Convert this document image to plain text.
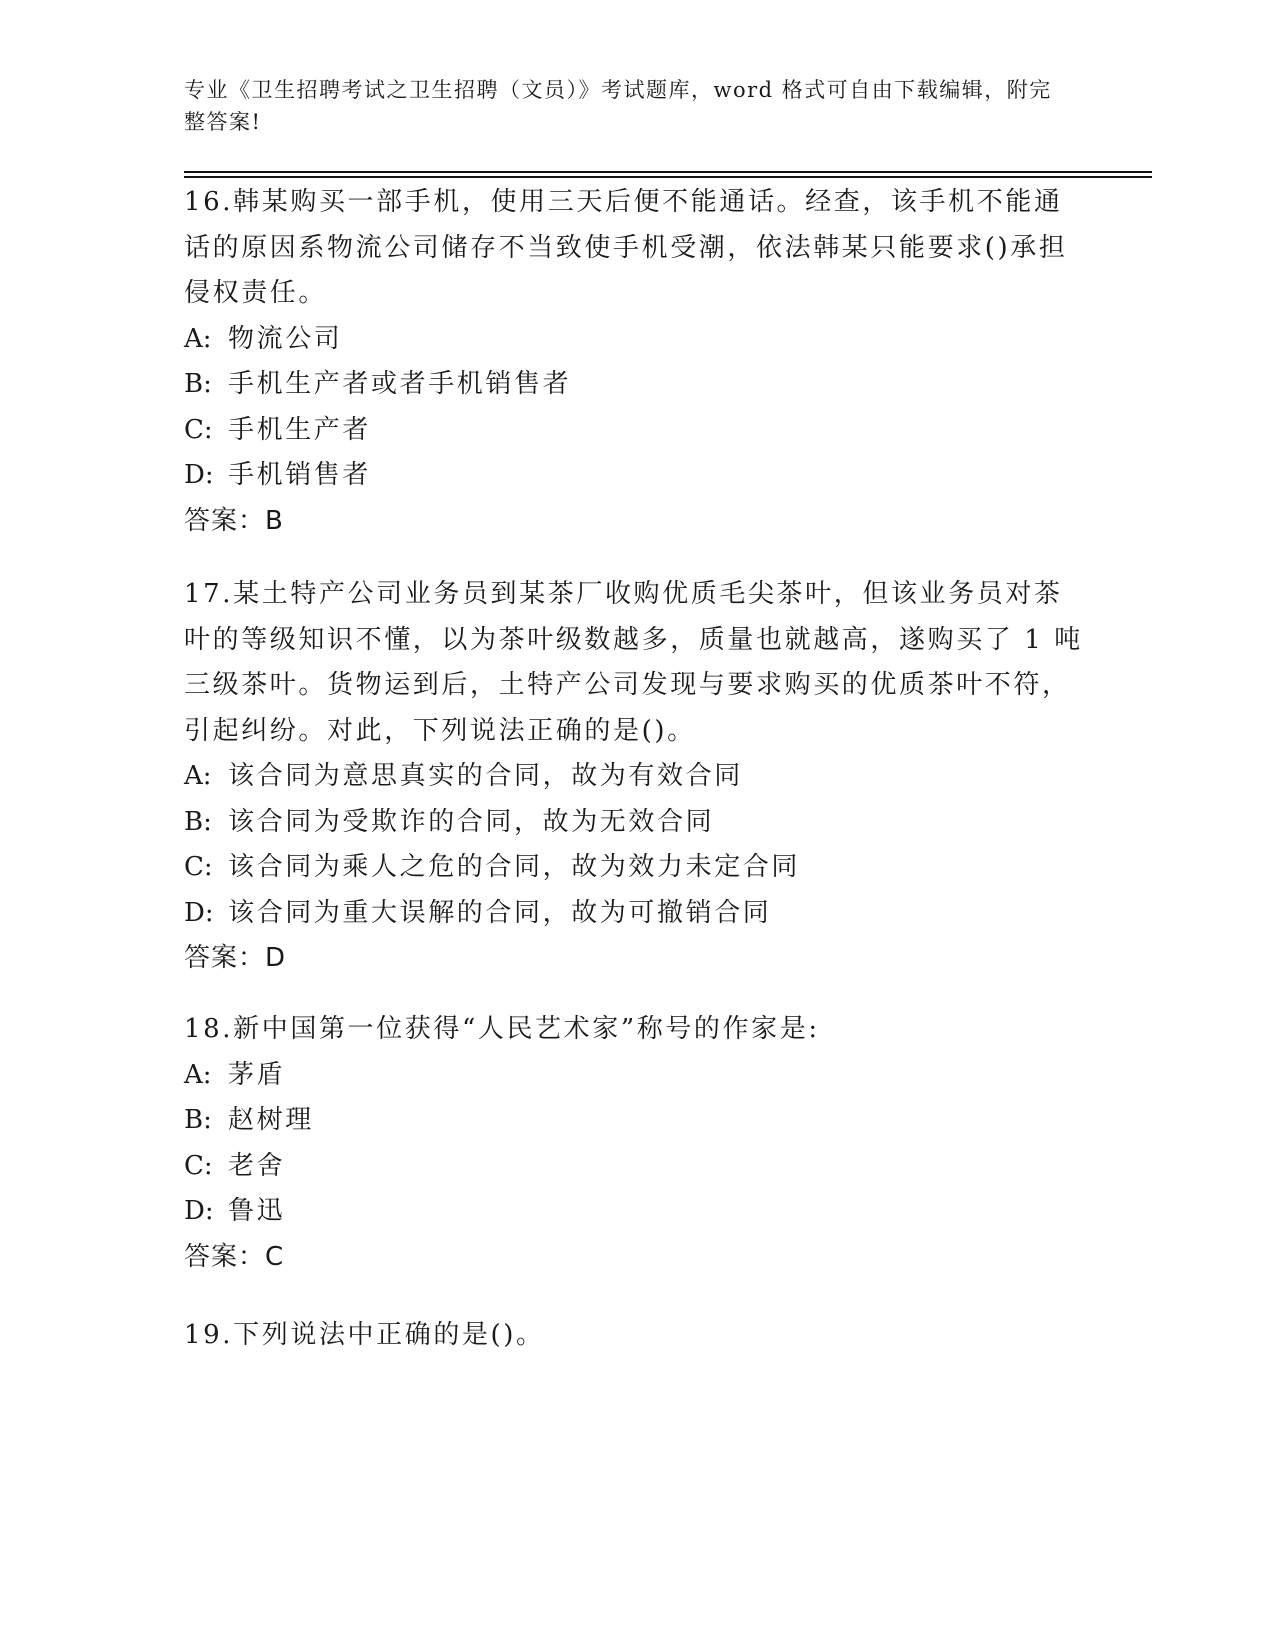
专业《卫生招聘考试之卫生招聘（文员）》考试题库，word 格式可自由下载编辑，附完整答案!
16.韩某购买一部手机，使用三天后便不能通话。经查，该手机不能通话的原因系物流公司储存不当致使手机受潮，依法韩某只能要求()承担侵权责任。
A: 物流公司
B: 手机生产者或者手机销售者
C: 手机生产者
D: 手机销售者
答案：B
17.某土特产公司业务员到某茶厂收购优质毛尖茶叶，但该业务员对茶叶的等级知识不懂，以为茶叶级数越多，质量也就越高，遂购买了 1 吨三级茶叶。货物运到后，土特产公司发现与要求购买的优质茶叶不符，引起纠纷。对此，下列说法正确的是()。
A: 该合同为意思真实的合同，故为有效合同
B: 该合同为受欺诈的合同，故为无效合同
C: 该合同为乘人之危的合同，故为效力未定合同
D: 该合同为重大误解的合同，故为可撤销合同
答案：D
18.新中国第一位获得“人民艺术家”称号的作家是:
A: 茅盾
B: 赵树理
C: 老舍
D: 鲁迅
答案：C
19.下列说法中正确的是()。
